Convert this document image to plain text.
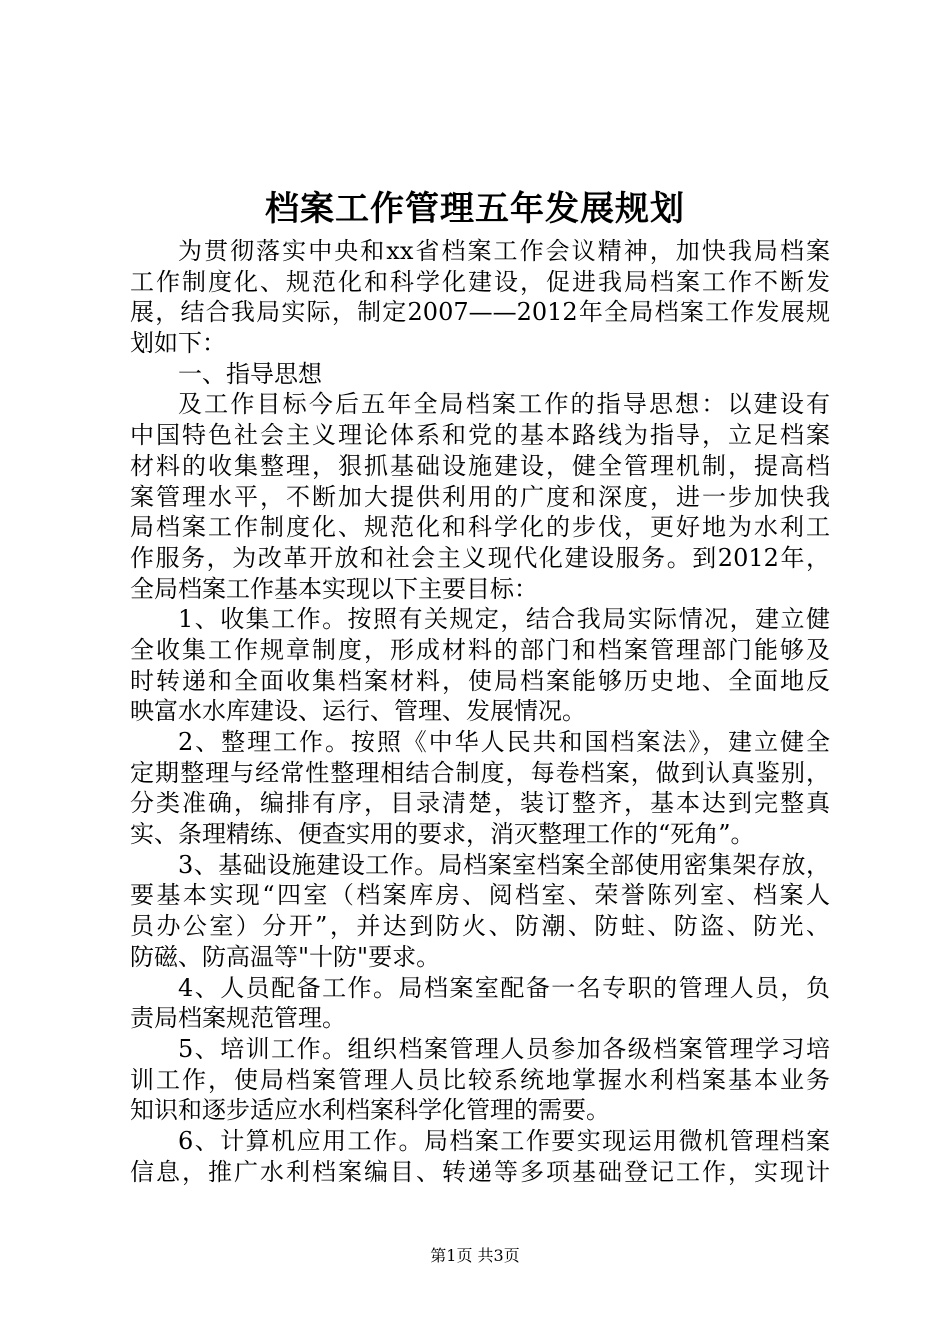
档案工作管理五年发展规划
为贯彻落实中央和xx省档案工作会议精神，加快我局档案
工作制度化、规范化和科学化建设，促进我局档案工作不断发
展，结合我局实际，制定2007——2012年全局档案工作发展规
划如下：
一、指导思想
及工作目标今后五年全局档案工作的指导思想：以建设有
中国特色社会主义理论体系和党的基本路线为指导，立足档案
材料的收集整理，狠抓基础设施建设，健全管理机制，提高档
案管理水平，不断加大提供利用的广度和深度，进一步加快我
局档案工作制度化、规范化和科学化的步伐，更好地为水利工
作服务，为改革开放和社会主义现代化建设服务。到2012年，
全局档案工作基本实现以下主要目标：
1、收集工作。按照有关规定，结合我局实际情况，建立健
全收集工作规章制度，形成材料的部门和档案管理部门能够及
时转递和全面收集档案材料，使局档案能够历史地、全面地反
映富水水库建设、运行、管理、发展情况。
2、整理工作。按照《中华人民共和国档案法》，建立健全
定期整理与经常性整理相结合制度，每卷档案，做到认真鉴别，
分类准确，编排有序，目录清楚，装订整齐，基本达到完整真
实、条理精练、便查实用的要求，消灭整理工作的“死角”。
3、基础设施建设工作。局档案室档案全部使用密集架存放，
要基本实现“四室（档案库房、阅档室、荣誉陈列室、档案人
员办公室）分开”，并达到防火、防潮、防蛀、防盗、防光、
防磁、防高温等"十防"要求。
4、人员配备工作。局档案室配备一名专职的管理人员，负
责局档案规范管理。
5、培训工作。组织档案管理人员参加各级档案管理学习培
训工作，使局档案管理人员比较系统地掌握水利档案基本业务
知识和逐步适应水利档案科学化管理的需要。
6、计算机应用工作。局档案工作要实现运用微机管理档案
信息，推广水利档案编目、转递等多项基础登记工作，实现计
第1页 共3页
